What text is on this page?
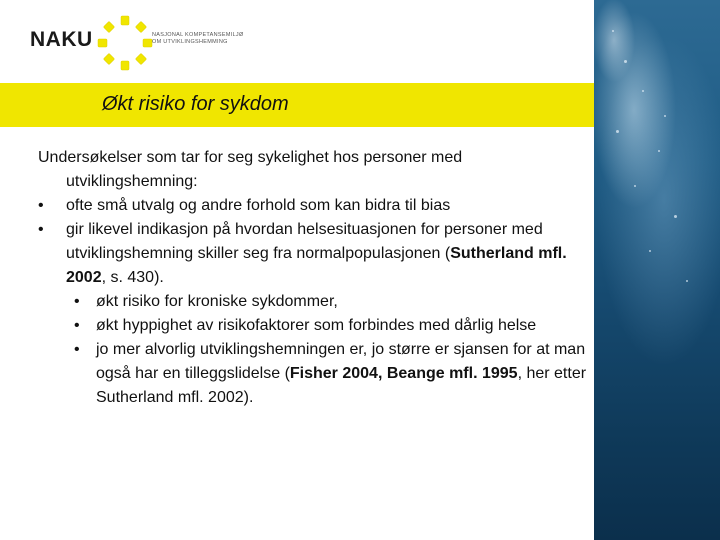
NAKU	NASJONAL KOMPETANSEMILJØ
OM UTVIKLINGSHEMMING
Økt risiko for sykdom

Undersøkelser som tar for seg sykelighet hos personer med utviklingshemning:

• ofte små utvalg og andre forhold som kan bidra til bias
• gir likevel indikasjon på hvordan helsesituasjonen for personer med utviklingshemning skiller seg fra normalpopulasjonen (Sutherland mfl. 2002, s. 430).
• økt risiko for kroniske sykdommer,
• økt hyppighet av risikofaktorer som forbindes med dårlig helse
• jo mer alvorlig utviklingshemningen er, jo større er sjansen for at man også har en tilleggslidelse (Fisher 2004, Beange mfl. 1995, her etter Sutherland mfl. 2002).
